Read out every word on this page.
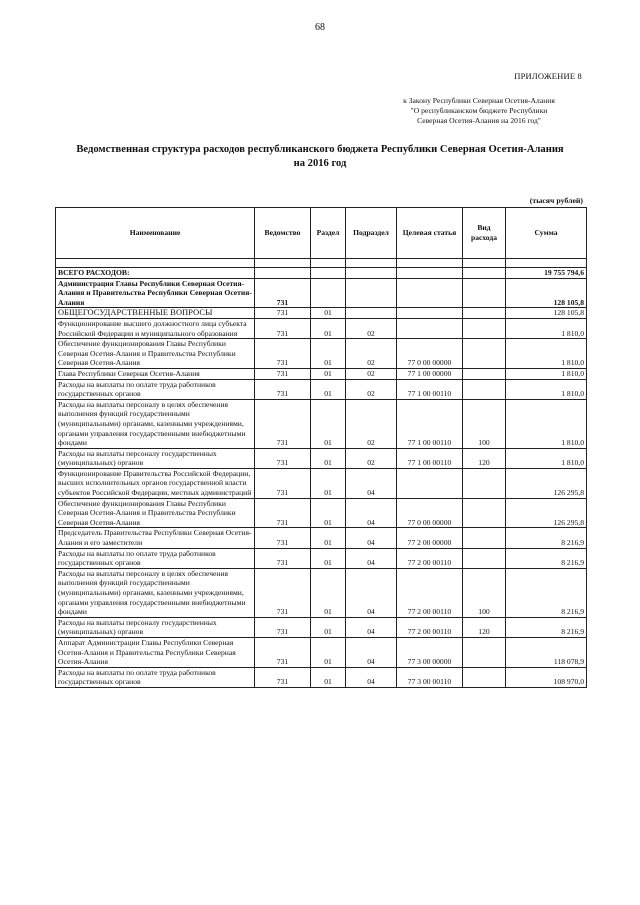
68
ПРИЛОЖЕНИЕ 8
к Закону Республики Северная Осетия-Алания
"О республиканском бюджете Республики
Северная Осетия-Алания на 2016 год"
Ведомственная структура расходов республиканского бюджета Республики Северная Осетия-Алания
на 2016 год
(тысяч рублей)
Наименование	Ведомство	Раздел	Подраздел	Целевая статья	Вид расхода	Сумма

ВСЕГО РАСХОДОВ:						19 755 794,6
Администрация Главы Республики Северная Осетия-Алания и Правительства Республики Северная Осетия-Алания	731					128 105,8
ОБЩЕГОСУДАРСТВЕННЫЕ ВОПРОСЫ	731	01				128 105,8
Функционирование высшего должностного лица субъекта Российской Федерации и муниципального образования	731	01	02			1 810,0
Обеспечение функционирования Главы Республики Северная Осетия-Алания и Правительства Республики Северная Осетия-Алания	731	01	02	77 0 00 00000		1 810,0
Глава Республики Северная Осетия-Алания	731	01	02	77 1 00 00000		1 810,0
Расходы на выплаты по оплате труда работников государственных органов	731	01	02	77 1 00 00110		1 810,0
Расходы на выплаты персоналу в целях обеспечения выполнения функций государственными (муниципальными) органами, казенными учреждениями, органами управления государственными внебюджетными фондами	731	01	02	77 1 00 00110	100	1 810,0
Расходы на выплаты персоналу государственных (муниципальных) органов	731	01	02	77 1 00 00110	120	1 810,0
Функционирование Правительства Российской Федерации, высших исполнительных органов государственной власти субъектов Российской Федерации, местных администраций	731	01	04			126 295,8
Обеспечение функционирования Главы Республики Северная Осетия-Алания и Правительства Республики Северная Осетия-Алания	731	01	04	77 0 00 00000		126 295,8
Председатель Правительства Республики Северная Осетия-Алания и его заместители	731	01	04	77 2 00 00000		8 216,9
Расходы на выплаты по оплате труда работников государственных органов	731	01	04	77 2 00 00110		8 216,9
Расходы на выплаты персоналу в целях обеспечения выполнения функций государственными (муниципальными) органами, казенными учреждениями, органами управления государственными внебюджетными фондами	731	01	04	77 2 00 00110	100	8 216,9
Расходы на выплаты персоналу государственных (муниципальных) органов	731	01	04	77 2 00 00110	120	8 216,9
Аппарат Администрации Главы Республики Северная Осетия-Алания и Правительства Республики Северная Осетия-Алания	731	01	04	77 3 00 00000		118 078,9
Расходы на выплаты по оплате труда работников государственных органов	731	01	04	77 3 00 00110		108 970,0
